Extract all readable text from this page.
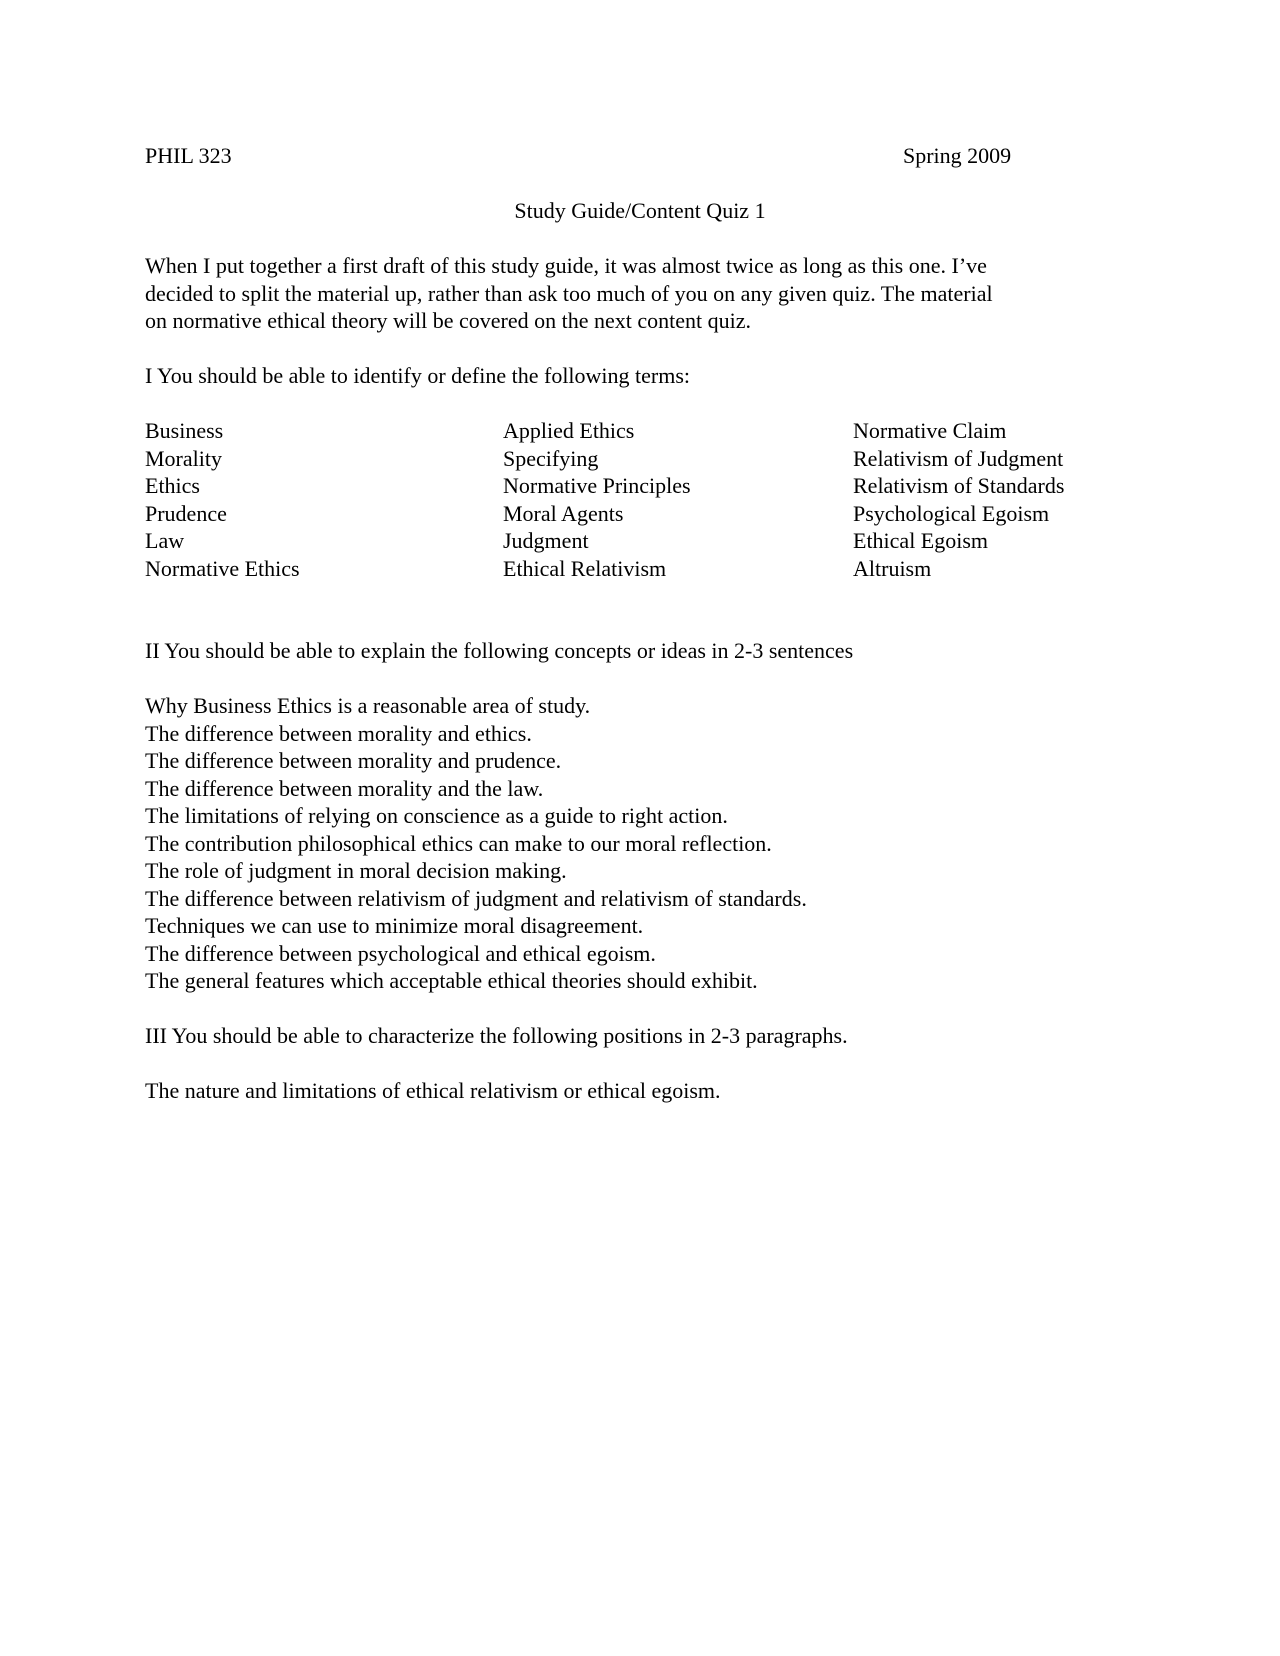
PHIL 323	Spring 2009
Study Guide/Content Quiz 1
When I put together a first draft of this study guide, it was almost twice as long as this one. I’ve
decided to split the material up, rather than ask too much of you on any given quiz. The material
on normative ethical theory will be covered on the next content quiz.
I You should be able to identify or define the following terms:
Business
Morality
Ethics
Prudence
Law
Normative Ethics
Applied Ethics
Specifying
Normative Principles
Moral Agents
Judgment
Ethical Relativism
Normative Claim
Relativism of Judgment
Relativism of Standards
Psychological Egoism
Ethical Egoism
Altruism
II You should be able to explain the following concepts or ideas in 2-3 sentences
Why Business Ethics is a reasonable area of study.
The difference between morality and ethics.
The difference between morality and prudence.
The difference between morality and the law.
The limitations of relying on conscience as a guide to right action.
The contribution philosophical ethics can make to our moral reflection.
The role of judgment in moral decision making.
The difference between relativism of judgment and relativism of standards.
Techniques we can use to minimize moral disagreement.
The difference between psychological and ethical egoism.
The general features which acceptable ethical theories should exhibit.
III You should be able to characterize the following positions in 2-3 paragraphs.
The nature and limitations of ethical relativism or ethical egoism.
